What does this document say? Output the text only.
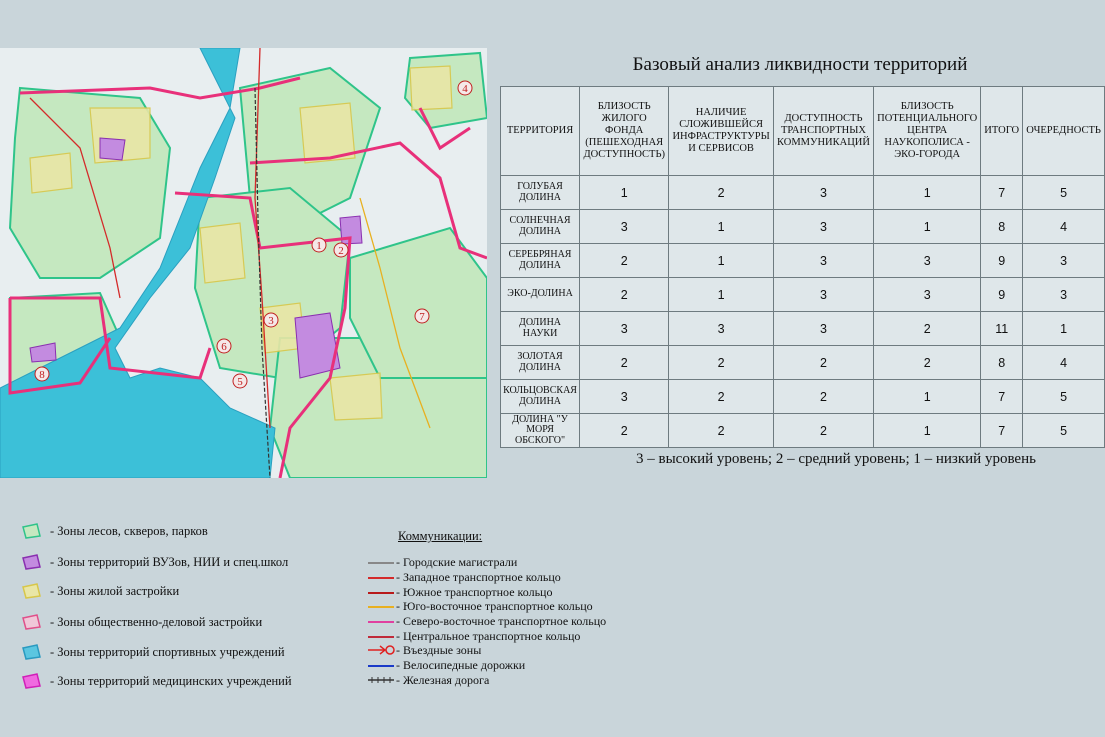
1 2
3
4
5
6
7
8
Базовый анализ ликвидности территорий
ТЕРРИТОРИЯ	БЛИЗОСТЬ ЖИЛОГО ФОНДА (ПЕШЕХОДНАЯ ДОСТУПНОСТЬ)	НАЛИЧИЕ СЛОЖИВШЕЙСЯ ИНФРАСТРУКТУРЫ И СЕРВИСОВ	ДОСТУПНОСТЬ ТРАНСПОРТНЫХ КОММУНИКАЦИЙ	БЛИЗОСТЬ ПОТЕНЦИАЛЬНОГО ЦЕНТРА НАУКОПОЛИСА - ЭКО-ГОРОДА	ИТОГО	ОЧЕРЕДНОСТЬ
ГОЛУБАЯ ДОЛИНА	1	2	3	1	7	5
СОЛНЕЧНАЯ ДОЛИНА	3	1	3	1	8	4
СЕРЕБРЯНАЯ ДОЛИНА	2	1	3	3	9	3
ЭКО-ДОЛИНА	2	1	3	3	9	3
ДОЛИНА НАУКИ	3	3	3	2	11	1
ЗОЛОТАЯ ДОЛИНА	2	2	2	2	8	4
КОЛЬЦОВСКАЯ ДОЛИНА	3	2	2	1	7	5
ДОЛИНА "У МОРЯ ОБСКОГО"	2	2	2	1	7	5
3 – высокий уровень; 2 – средний уровень; 1 – низкий уровень
- Зоны лесов, скверов, парков
- Зоны территорий ВУЗов, НИИ и спец.школ
- Зоны жилой застройки
- Зоны общественно-деловой застройки
- Зоны территорий спортивных учреждений
- Зоны территорий медицинских учреждений
Коммуникации:
- Городские магистрали
- Западное транспортное кольцо
- Южное транспортное кольцо
- Юго-восточное транспортное кольцо
- Северо-восточное транспортное кольцо
- Центральное транспортное кольцо
- Въездные зоны
- Велосипедные дорожки
- Железная дорога
